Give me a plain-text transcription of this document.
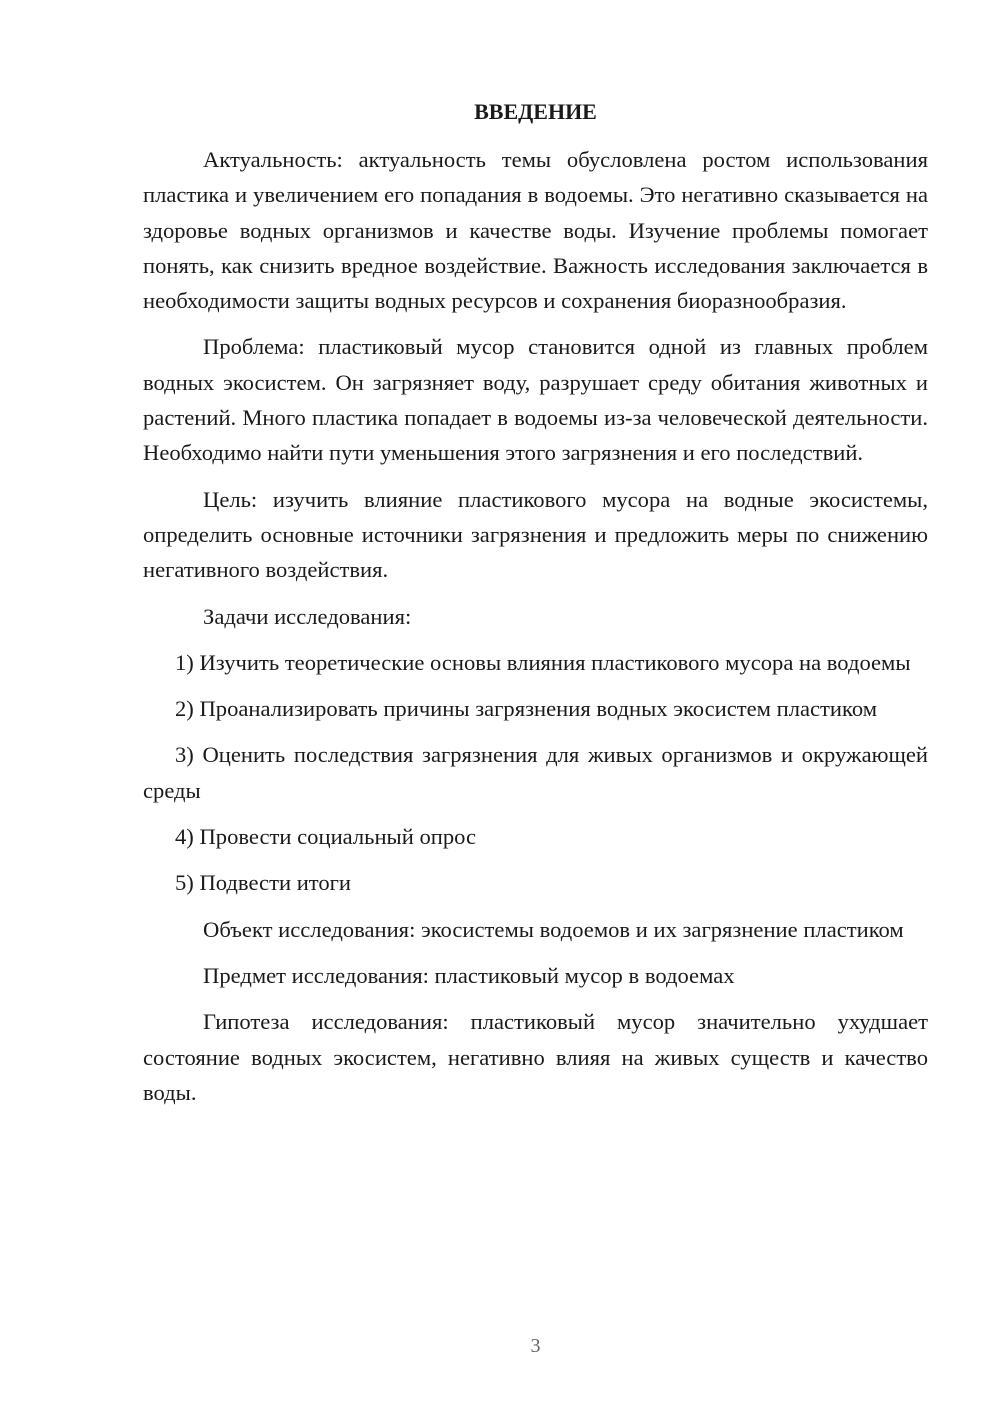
ВВЕДЕНИЕ

Актуальность: актуальность темы обусловлена ростом использования пластика и увеличением его попадания в водоемы. Это негативно сказывается на здоровье водных организмов и качестве воды. Изучение проблемы помогает понять, как снизить вредное воздействие. Важность исследования заключается в необходимости защиты водных ресурсов и сохранения биоразнообразия.

Проблема: пластиковый мусор становится одной из главных проблем водных экосистем. Он загрязняет воду, разрушает среду обитания животных и растений. Много пластика попадает в водоемы из-за человеческой деятельности. Необходимо найти пути уменьшения этого загрязнения и его последствий.

Цель: изучить влияние пластикового мусора на водные экосистемы, определить основные источники загрязнения и предложить меры по снижению негативного воздействия.

Задачи исследования:

1) Изучить теоретические основы влияния пластикового мусора на водоемы

2) Проанализировать причины загрязнения водных экосистем пластиком

3) Оценить последствия загрязнения для живых организмов и окружающей среды

4) Провести социальный опрос

5) Подвести итоги

Объект исследования: экосистемы водоемов и их загрязнение пластиком

Предмет исследования: пластиковый мусор в водоемах

Гипотеза исследования: пластиковый мусор значительно ухудшает состояние водных экосистем, негативно влияя на живых существ и качество воды.

3
